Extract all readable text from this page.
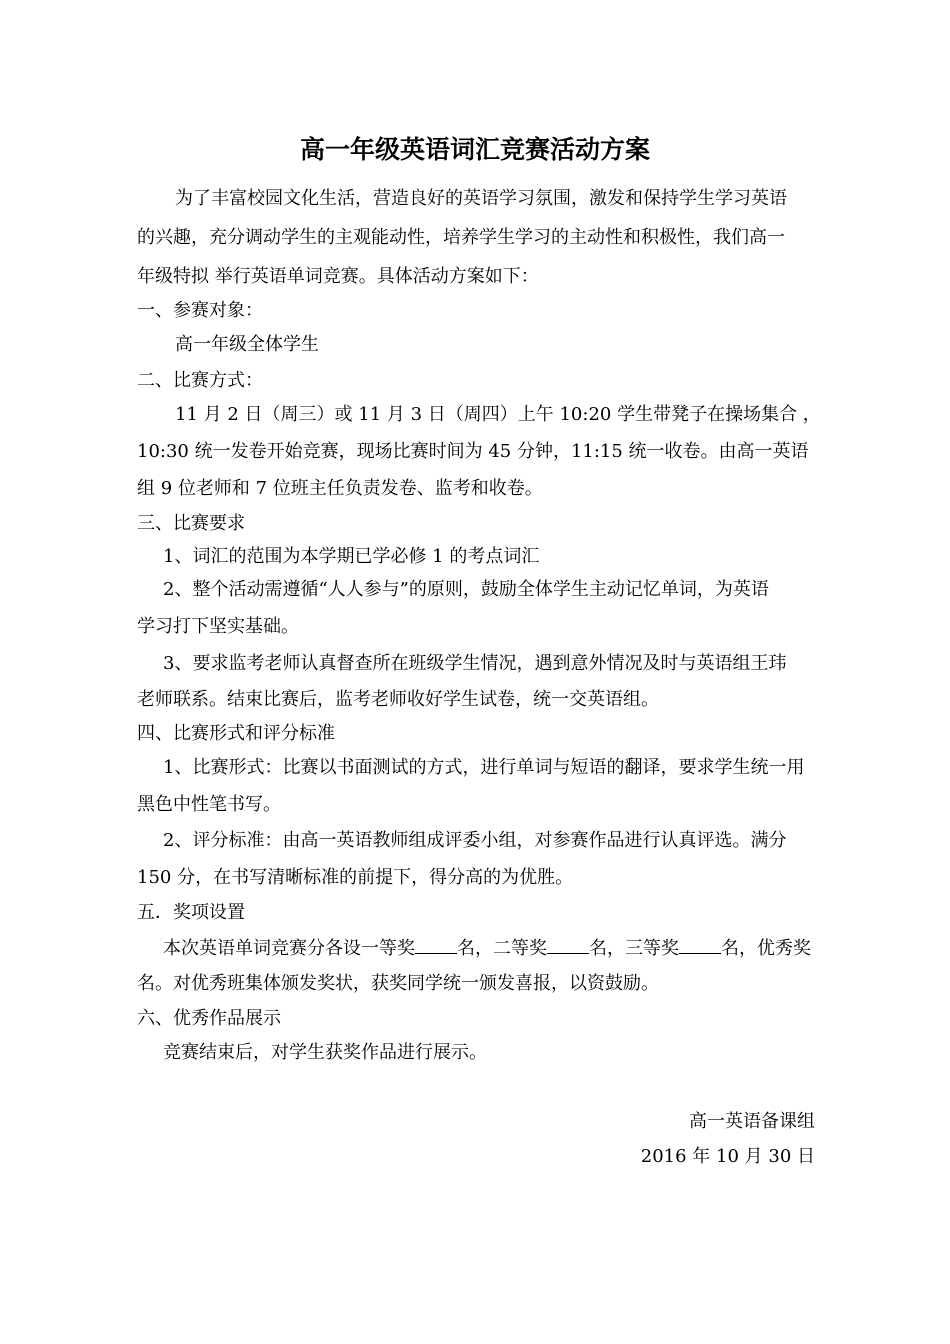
高一年级英语词汇竞赛活动方案
为了丰富校园文化生活，营造良好的英语学习氛围，激发和保持学生学习英语
的兴趣，充分调动学生的主观能动性，培养学生学习的主动性和积极性，我们高一
年级特拟 举行英语单词竞赛。具体活动方案如下：
一、参赛对象：
高一年级全体学生
二、比赛方式：
11 月 2 日（周三）或 11 月 3 日（周四）上午 10:20 学生带凳子在操场集合 ，
10:30 统一发卷开始竞赛，现场比赛时间为 45 分钟，11:15 统一收卷。由高一英语
组 9 位老师和 7 位班主任负责发卷、监考和收卷。
三、比赛要求
1、词汇的范围为本学期已学必修 1 的考点词汇
2、整个活动需遵循“人人参与”的原则，鼓励全体学生主动记忆单词，为英语
学习打下坚实基础。
3、要求监考老师认真督查所在班级学生情况，遇到意外情况及时与英语组王玮
老师联系。结束比赛后，监考老师收好学生试卷，统一交英语组。
四、比赛形式和评分标准
1、比赛形式：比赛以书面测试的方式，进行单词与短语的翻译，要求学生统一用
黑色中性笔书写。
2、评分标准：由高一英语教师组成评委小组，对参赛作品进行认真评选。满分
150 分，在书写清晰标准的前提下，得分高的为优胜。
五．奖项设置
本次英语单词竞赛分各设一等奖 名，二等奖 名，三等奖 名，优秀奖
名。对优秀班集体颁发奖状，获奖同学统一颁发喜报，以资鼓励。
六、优秀作品展示
竞赛结束后，对学生获奖作品进行展示。
高一英语备课组
2016 年 10 月 30 日
